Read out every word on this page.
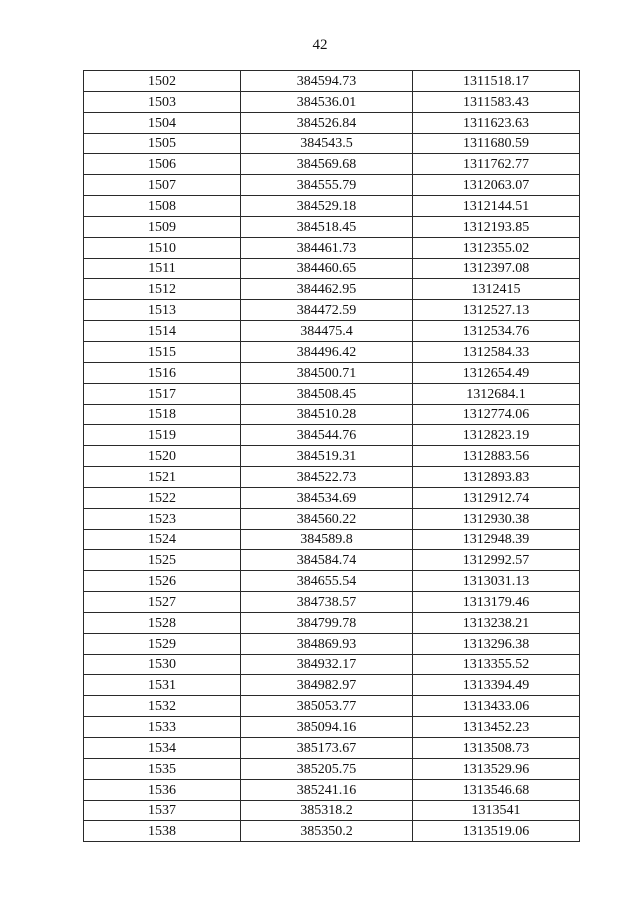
42
1502	384594.73	1311518.17
1503	384536.01	1311583.43
1504	384526.84	1311623.63
1505	384543.5	1311680.59
1506	384569.68	1311762.77
1507	384555.79	1312063.07
1508	384529.18	1312144.51
1509	384518.45	1312193.85
1510	384461.73	1312355.02
1511	384460.65	1312397.08
1512	384462.95	1312415
1513	384472.59	1312527.13
1514	384475.4	1312534.76
1515	384496.42	1312584.33
1516	384500.71	1312654.49
1517	384508.45	1312684.1
1518	384510.28	1312774.06
1519	384544.76	1312823.19
1520	384519.31	1312883.56
1521	384522.73	1312893.83
1522	384534.69	1312912.74
1523	384560.22	1312930.38
1524	384589.8	1312948.39
1525	384584.74	1312992.57
1526	384655.54	1313031.13
1527	384738.57	1313179.46
1528	384799.78	1313238.21
1529	384869.93	1313296.38
1530	384932.17	1313355.52
1531	384982.97	1313394.49
1532	385053.77	1313433.06
1533	385094.16	1313452.23
1534	385173.67	1313508.73
1535	385205.75	1313529.96
1536	385241.16	1313546.68
1537	385318.2	1313541
1538	385350.2	1313519.06
